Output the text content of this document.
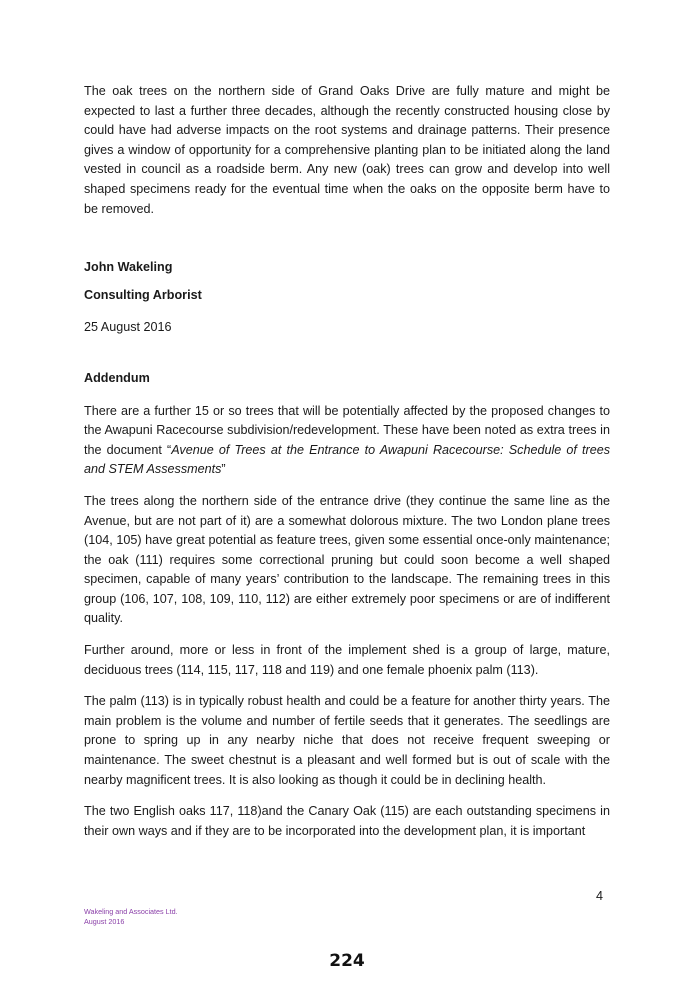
The oak trees on the northern side of Grand Oaks Drive are fully mature and might be expected to last a further three decades, although the recently constructed housing close by could have had adverse impacts on the root systems and drainage patterns. Their presence gives a window of opportunity for a comprehensive planting plan to be initiated along the land vested in council as a roadside berm. Any new (oak) trees can grow and develop into well shaped specimens ready for the eventual time when the oaks on the opposite berm have to be removed.

John Wakeling

Consulting Arborist

25 August 2016

Addendum

There are a further 15 or so trees that will be potentially affected by the proposed changes to the Awapuni Racecourse subdivision/redevelopment. These have been noted as extra trees in the document “Avenue of Trees at the Entrance to Awapuni Racecourse: Schedule of trees and STEM Assessments”

The trees along the northern side of the entrance drive (they continue the same line as the Avenue, but are not part of it) are a somewhat dolorous mixture. The two London plane trees (104, 105) have great potential as feature trees, given some essential once-only maintenance; the oak (111) requires some correctional pruning but could soon become a well shaped specimen, capable of many years’ contribution to the landscape. The remaining trees in this group (106, 107, 108, 109, 110, 112) are either extremely poor specimens or are of indifferent quality.

Further around, more or less in front of the implement shed is a group of large, mature, deciduous trees (114, 115, 117, 118 and 119) and one female phoenix palm (113).

The palm (113) is in typically robust health and could be a feature for another thirty years. The main problem is the volume and number of fertile seeds that it generates. The seedlings are prone to spring up in any nearby niche that does not receive frequent sweeping or maintenance. The sweet chestnut is a pleasant and well formed but is out of scale with the nearby magnificent trees. It is also looking as though it could be in declining health.

The two English oaks 117, 118)and the Canary Oak (115) are each outstanding specimens in their own ways and if they are to be incorporated into the development plan, it is important

4
Wakeling and Associates Ltd.
August 2016
224
